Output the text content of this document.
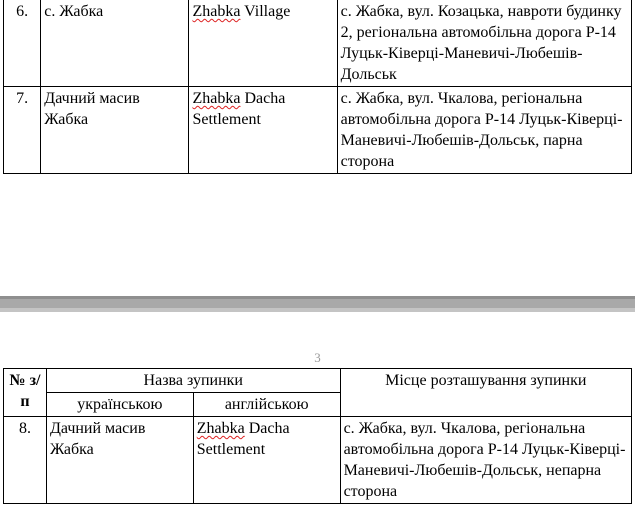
6.	с. Жабка	Zhabka Village	с. Жабка, вул. Козацька, навроти будинку 2, регіональна автомобільна дорога Р-14 Луцьк-Ківерці-Маневичі-Любешів-Дольськ
7.	Дачний масив Жабка	Zhabka Dacha Settlement	с. Жабка, вул. Чкалова, регіональна автомобільна дорога Р-14 Луцьк-Ківерці-Маневичі-Любешів-Дольськ, парна сторона
3
№ з/п	Назва зупинки		Місце розташування зупинки
	українською	англійською	
8.	Дачний масив Жабка	Zhabka Dacha Settlement	с. Жабка, вул. Чкалова, регіональна автомобільна дорога Р-14 Луцьк-Ківерці-Маневичі-Любешів-Дольськ, непарна сторона
